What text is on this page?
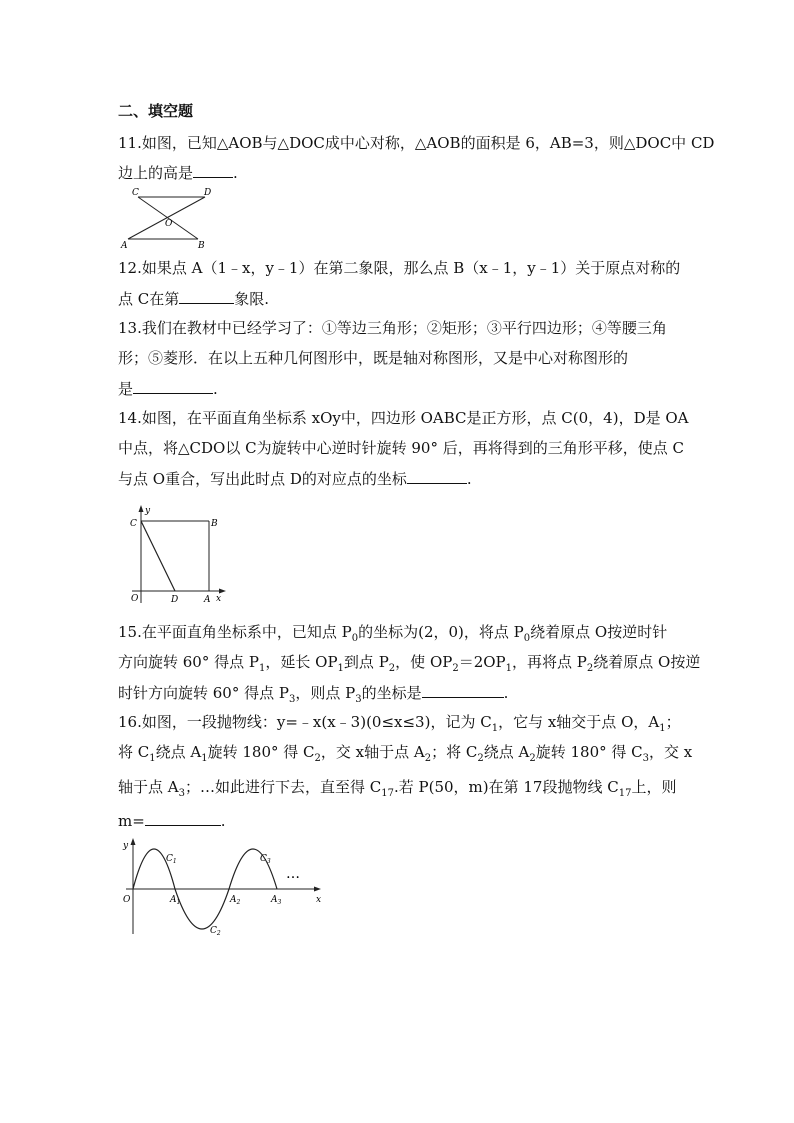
二、填空题
11.如图，已知△AOB与△DOC成中心对称，△AOB的面积是 6，AB=3，则△DOC中 CD
边上的高是	.
C	D
O
A	B
12.如果点 A（1﹣x，y﹣1）在第二象限，那么点 B（x﹣1，y﹣1）关于原点对称的
点 C在第	象限.
13.我们在教材中已经学习了：①等边三角形；②矩形；③平行四边形；④等腰三角
形；⑤菱形．在以上五种几何图形中，既是轴对称图形，又是中心对称图形的
是	.
14.如图，在平面直角坐标系 xOy中，四边形 OABC是正方形，点 C(0，4)，D是 OA
中点，将△CDO以 C为旋转中心逆时针旋转 90° 后，再将得到的三角形平移，使点 C
与点 O重合，写出此时点 D的对应点的坐标	.
y
C	B
O	D	A x
15.在平面直角坐标系中，已知点 $P_0$的坐标为(2，0)，将点 $P_0$绕着原点 O按逆时针
方向旋转 60° 得点 $P_1$，延长 $OP_1$到点 $P_2$，使 $OP_2=2OP_1$，再将点 $P_2$绕着原点 O按逆
时针方向旋转 60° 得点 $P_3$，则点 $P_3$的坐标是	.
16.如图，一段抛物线：y=﹣x(x﹣3)(0≤x≤3)，记为 $C_1$，它与 x轴交于点 O，$A_1$；
将 $C_1$绕点 $A_1$旋转 180° 得 $C_2$，交 x轴于点 $A_2$；将 $C_2$绕点 $A_2$旋转 180° 得 $C_3$，交 x
轴于点 $A_3$；…如此进行下去，直至得 $C_{17}$.若 P(50，m)在第 17段抛物线 $C_{17}$上，则
m=	.
y
O	x
…
$C_1$
$C_2$
$C_3$
$A_1$	$A_2$	$A_3$
